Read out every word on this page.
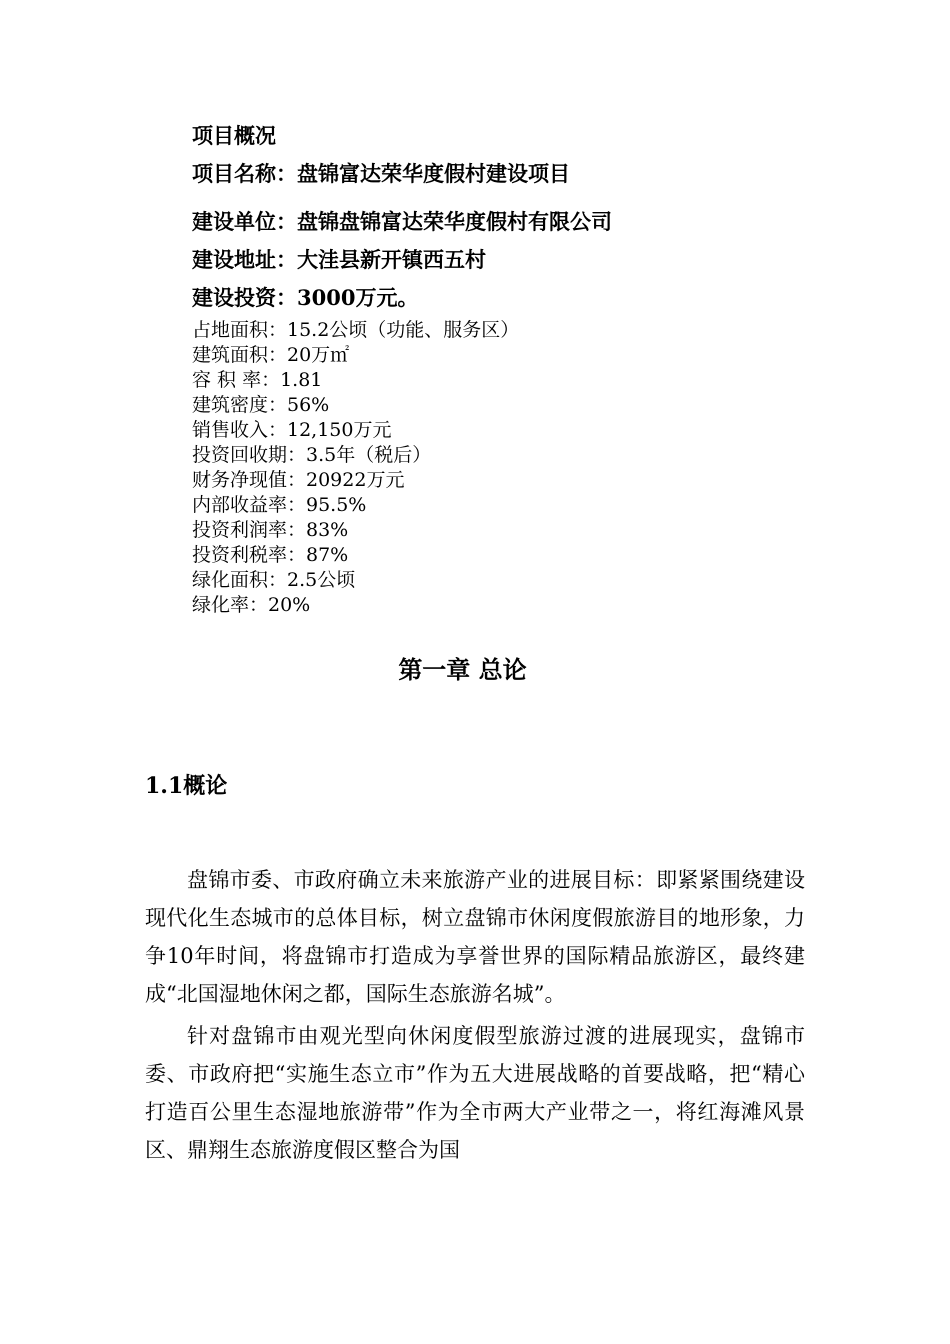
项目概况
项目名称：盘锦富达荣华度假村建设项目
建设单位：盘锦盘锦富达荣华度假村有限公司
建设地址：大洼县新开镇西五村
建设投资：3000万元。
占地面积：15.2公顷（功能、服务区）
建筑面积：20万㎡
容 积 率：1.81
建筑密度：56%
销售收入：12,150万元
投资回收期：3.5年（税后）
财务净现值：20922万元
内部收益率：95.5%
投资利润率：83%
投资利税率：87%
绿化面积：2.5公顷
绿化率：20%
第一章 总论
1.1概论

盘锦市委、市政府确立未来旅游产业的进展目标：即紧紧围绕建设现代化生态城市的总体目标，树立盘锦市休闲度假旅游目的地形象，力争10年时间，将盘锦市打造成为享誉世界的国际精品旅游区，最终建成“北国湿地休闲之都，国际生态旅游名城”。

针对盘锦市由观光型向休闲度假型旅游过渡的进展现实，盘锦市委、市政府把“实施生态立市”作为五大进展战略的首要战略，把“精心打造百公里生态湿地旅游带”作为全市两大产业带之一，将红海滩风景区、鼎翔生态旅游度假区整合为国
